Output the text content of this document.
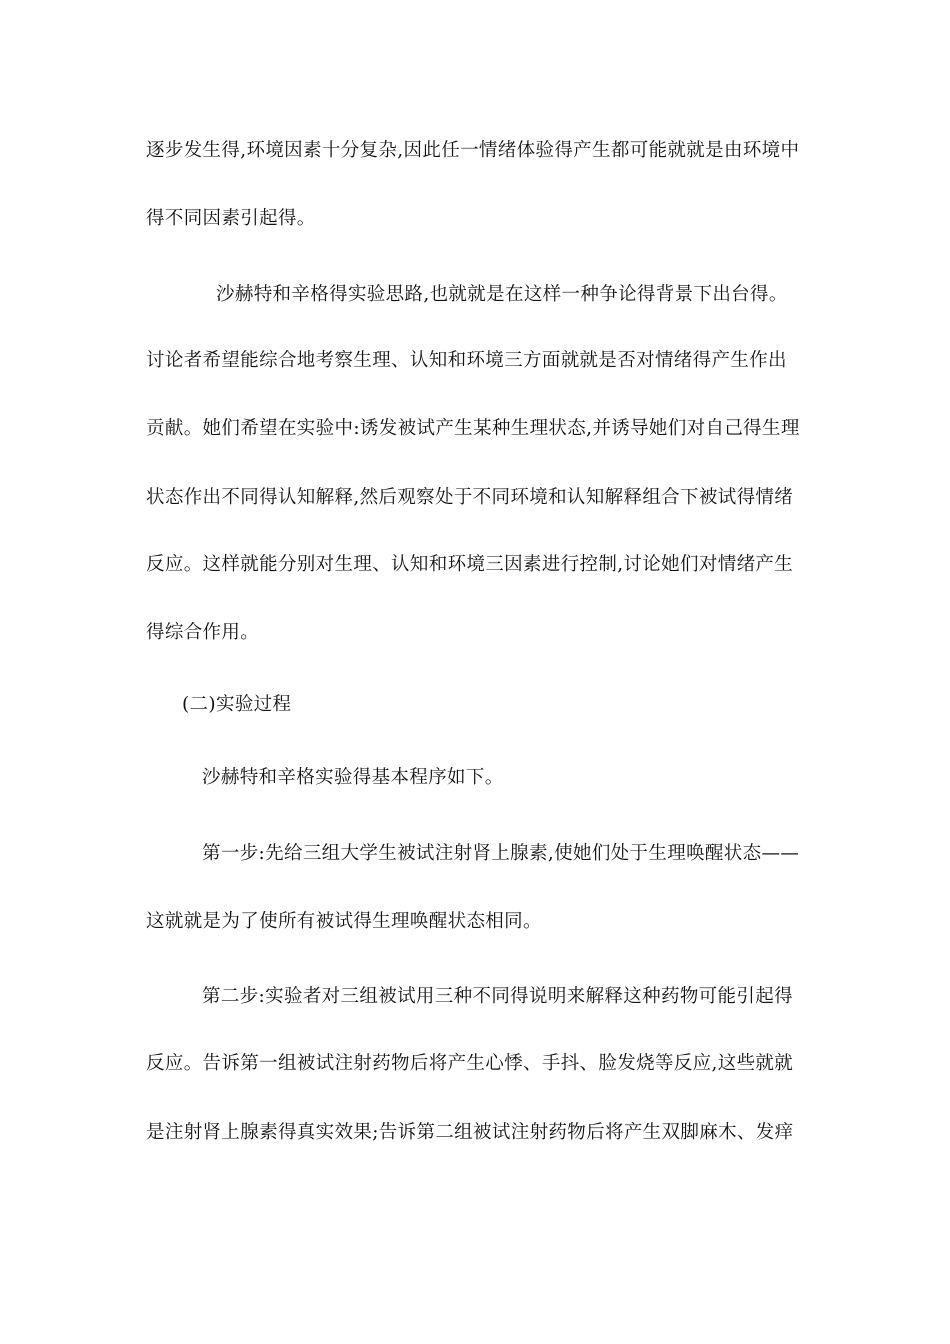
逐步发生得,环境因素十分复杂,因此任一情绪体验得产生都可能就就是由环境中
得不同因素引起得。
沙赫特和辛格得实验思路,也就就是在这样一种争论得背景下出台得。
讨论者希望能综合地考察生理、认知和环境三方面就就是否对情绪得产生作出
贡献。她们希望在实验中:诱发被试产生某种生理状态,并诱导她们对自己得生理
状态作出不同得认知解释,然后观察处于不同环境和认知解释组合下被试得情绪
反应。这样就能分别对生理、认知和环境三因素进行控制,讨论她们对情绪产生
得综合作用。
(二)实验过程
沙赫特和辛格实验得基本程序如下。
第一步:先给三组大学生被试注射肾上腺素,使她们处于生理唤醒状态——
这就就是为了使所有被试得生理唤醒状态相同。
第二步:实验者对三组被试用三种不同得说明来解释这种药物可能引起得
反应。告诉第一组被试注射药物后将产生心悸、手抖、脸发烧等反应,这些就就
是注射肾上腺素得真实效果;告诉第二组被试注射药物后将产生双脚麻木、发痒
